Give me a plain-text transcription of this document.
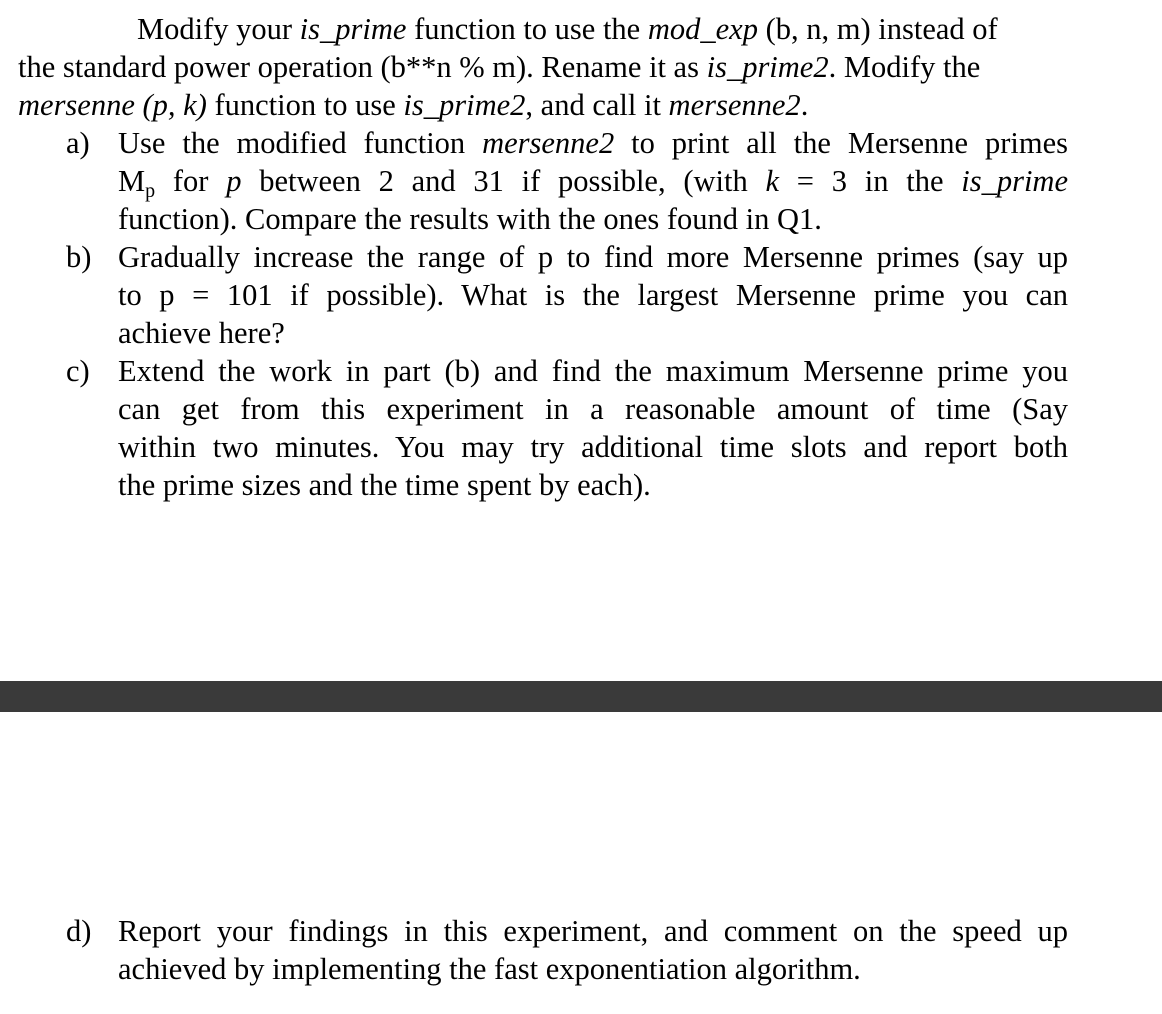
Modify your is_prime function to use the mod_exp (b, n, m) instead of
the standard power operation (b**n % m). Rename it as is_prime2. Modify the
mersenne (p, k) function to use is_prime2, and call it mersenne2.
a) Use the modified function mersenne2 to print all the Mersenne primes
$M_p$ for p between 2 and 31 if possible, (with k = 3 in the is_prime
function). Compare the results with the ones found in Q1.
b) Gradually increase the range of p to find more Mersenne primes (say up
to p = 101 if possible). What is the largest Mersenne prime you can
achieve here?
c) Extend the work in part (b) and find the maximum Mersenne prime you
can get from this experiment in a reasonable amount of time (Say
within two minutes. You may try additional time slots and report both
the prime sizes and the time spent by each).
d) Report your findings in this experiment, and comment on the speed up
achieved by implementing the fast exponentiation algorithm.
